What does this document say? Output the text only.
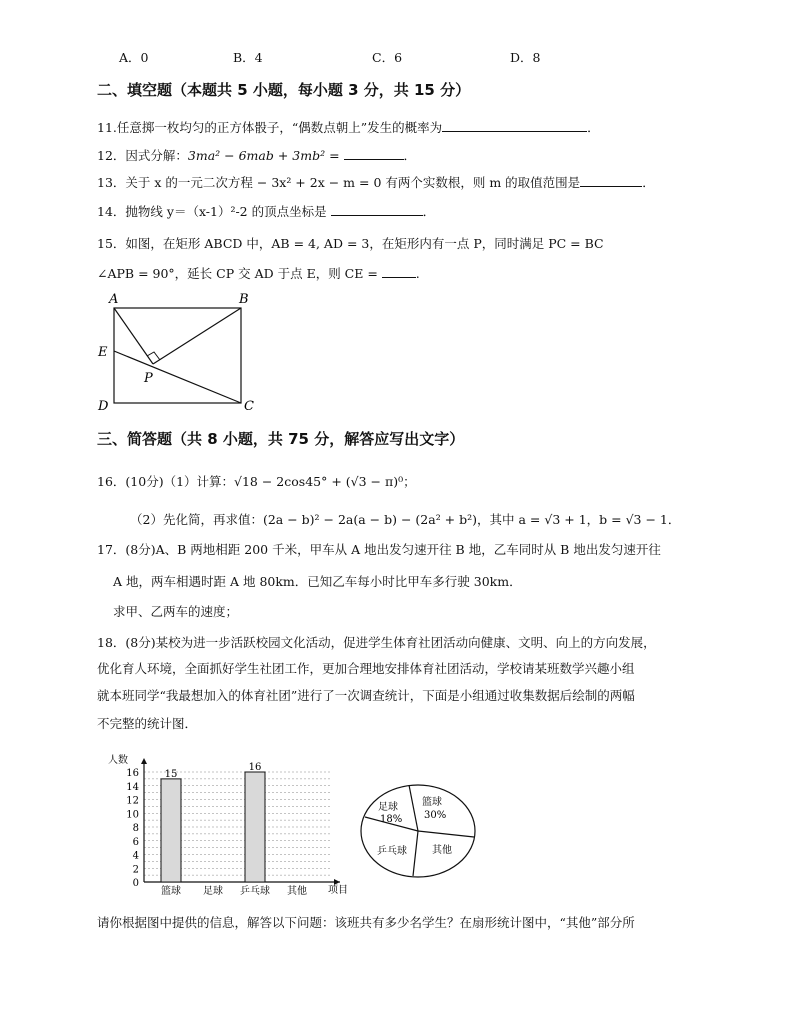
A．0	B．4	C．6	D．8
二、填空题（本题共 5 小题，每小题 3 分，共 15 分）
11.任意掷一枚均匀的正方体骰子，“偶数点朝上”发生的概率为	．
12．因式分解：3ma² − 6mab + 3mb² =	．
13．关于 x 的一元二次方程 − 3x² + 2x − m = 0 有两个实数根，则 m 的取值范围是	．
14．抛物线 y＝（x-1）²-2 的顶点坐标是	．
15．如图，在矩形 ABCD 中，AB = 4, AD = 3，在矩形内有一点 P，同时满足 PC = BC
∠APB = 90°，延长 CP 交 AD 于点 E，则 CE =	.
A	B
E
P
D	C
三、简答题（共 8 小题，共 75 分，解答应写出文字）
16．(10分)（1）计算：√18 − 2cos45° + (√3 − π)⁰；
（2）先化简，再求值：(2a − b)² − 2a(a − b) − (2a² + b²)，其中 a = √3 + 1，b = √3 − 1．
17．(8分)A、B 两地相距 200 千米，甲车从 A 地出发匀速开往 B 地，乙车同时从 B 地出发匀速开往
A 地，两车相遇时距 A 地 80km．已知乙车每小时比甲车多行驶 30km．
求甲、乙两车的速度；
18．(8分)某校为进一步活跃校园文化活动，促进学生体育社团活动向健康、文明、向上的方向发展，
优化育人环境，全面抓好学生社团工作，更加合理地安排体育社团活动，学校请某班数学兴趣小组
就本班同学“我最想加入的体育社团”进行了一次调查统计，下面是小组通过收集数据后绘制的两幅
不完整的统计图．
0
2
4
6
8
10
12
14
16	15
篮球 足球
16
乒乓球 其他
人数
项目
篮球
30%
足球
18%
乒乓球	其他
请你根据图中提供的信息，解答以下问题：该班共有多少名学生？在扇形统计图中，“其他”部分所
